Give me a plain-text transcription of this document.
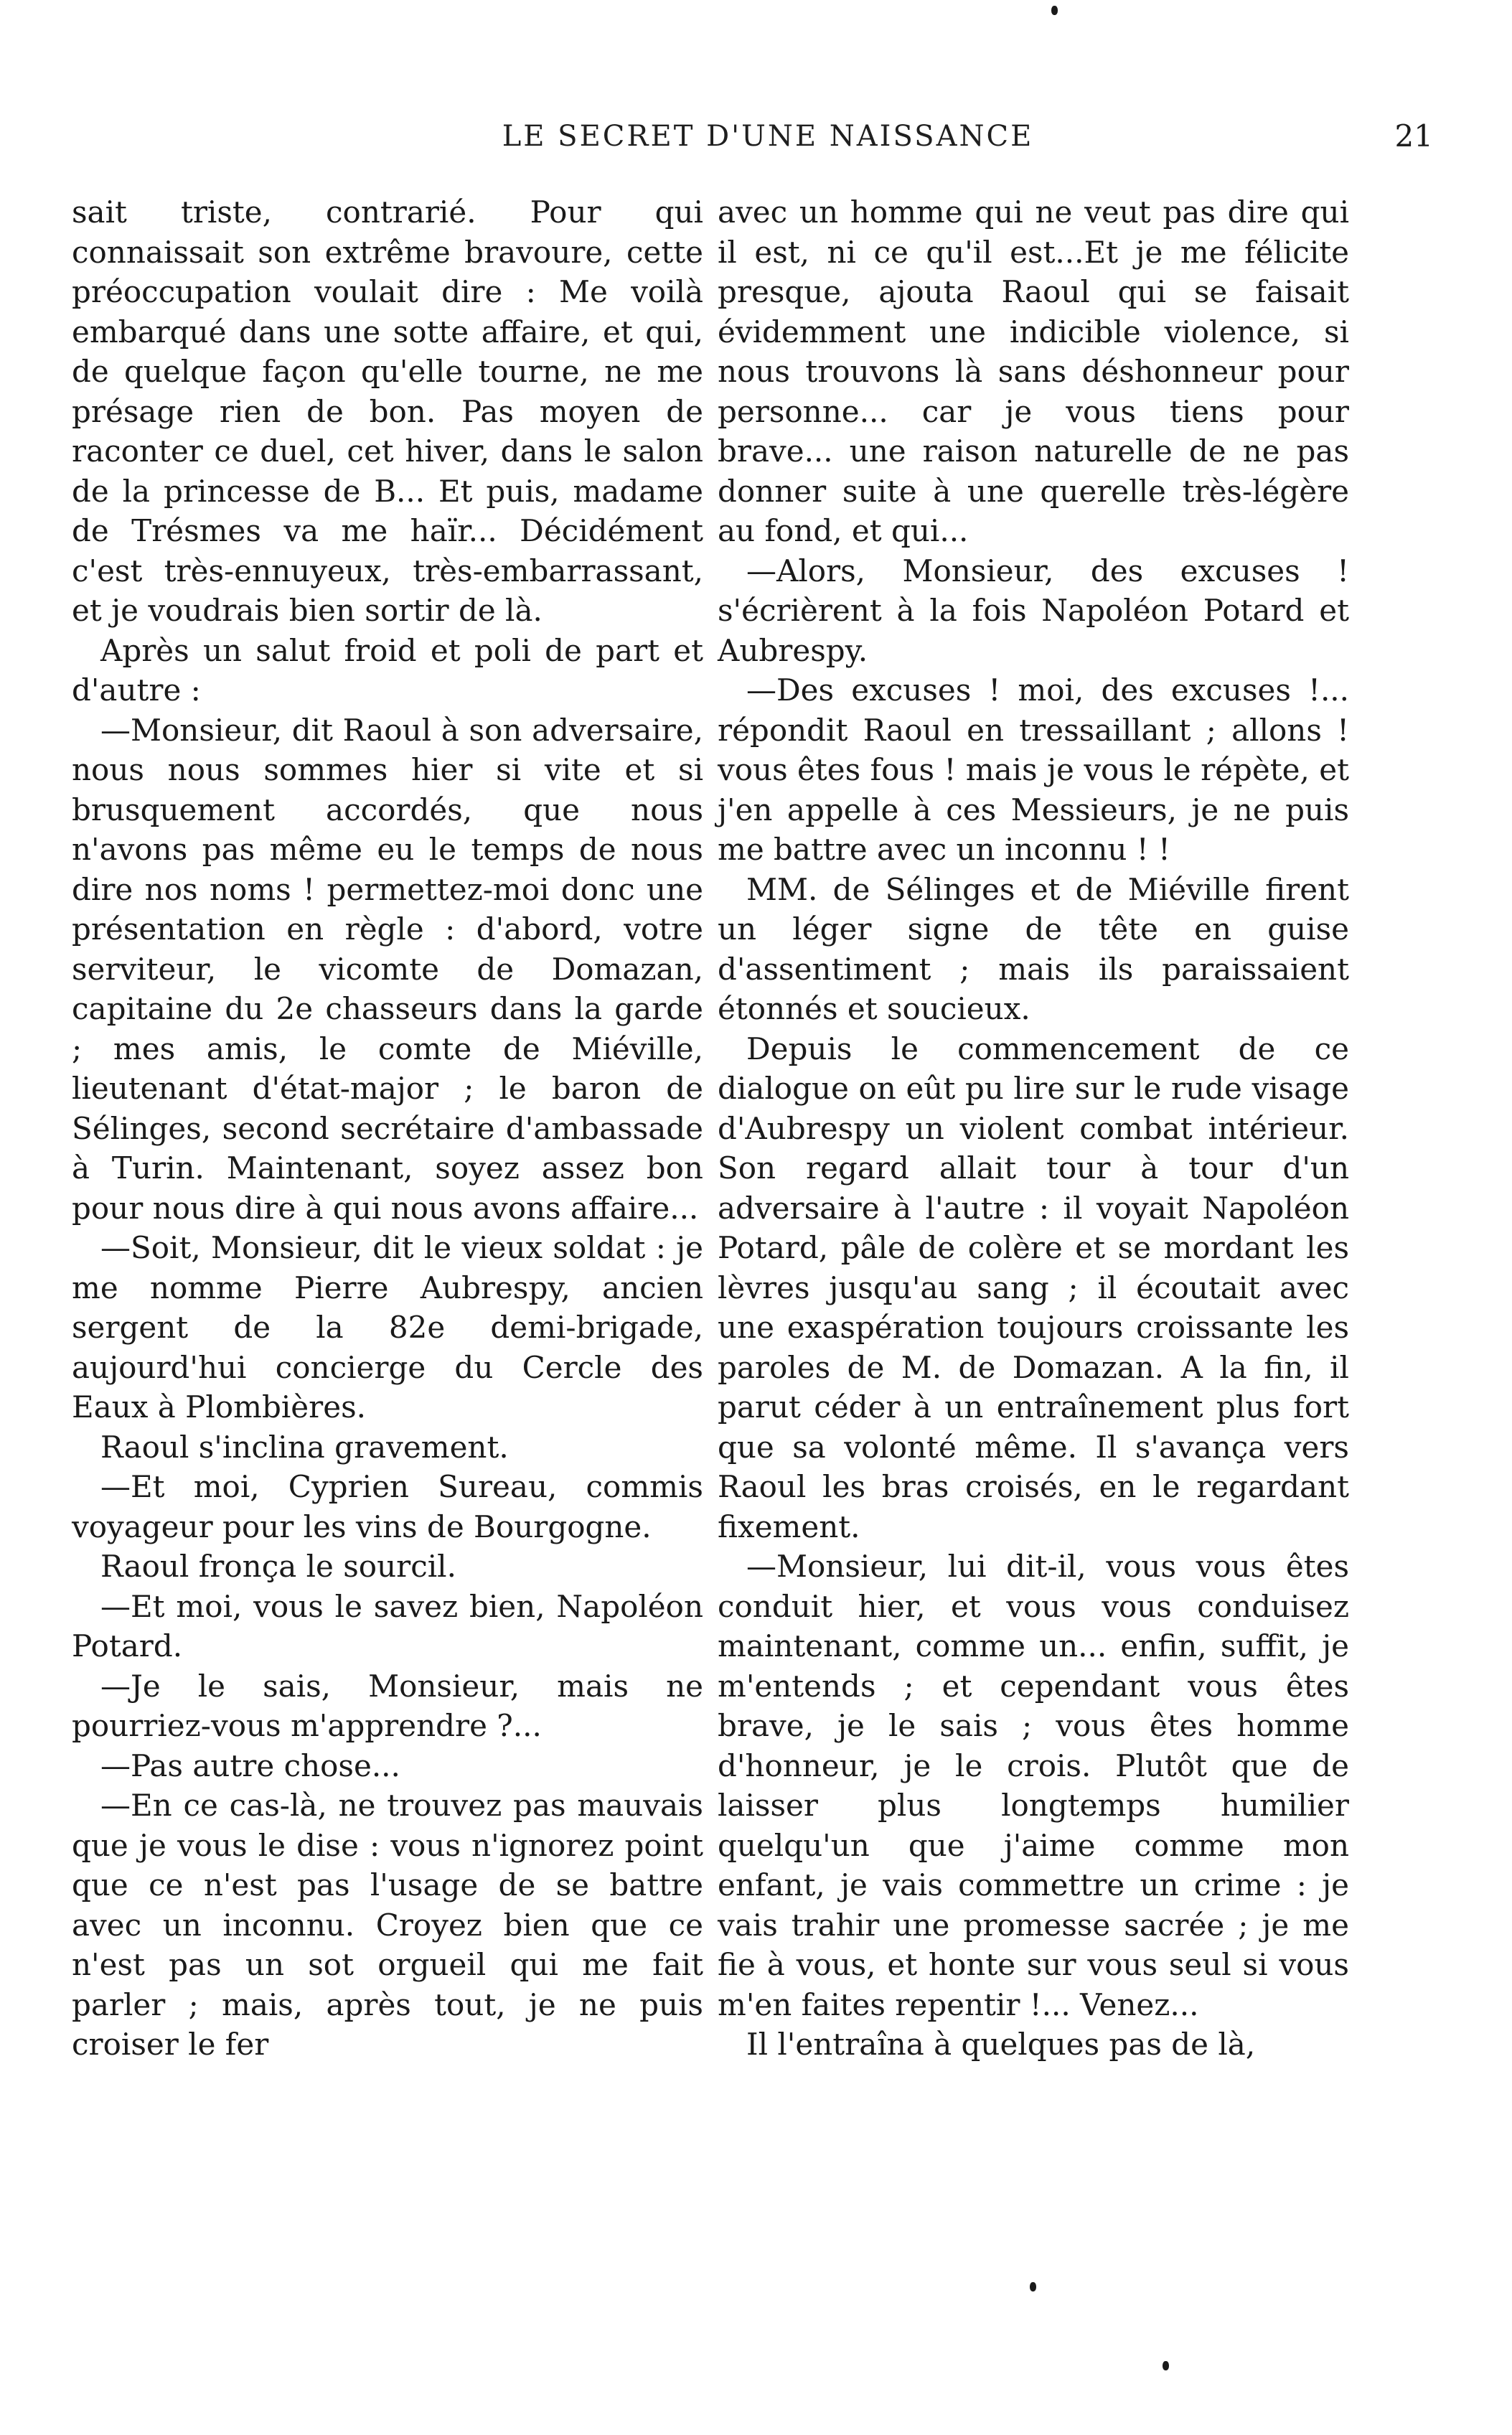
LE SECRET D'UNE NAISSANCE	21

sait triste, contrarié. Pour qui connaissait son extrême bravoure, cette préoccupation voulait dire : Me voilà embarqué dans une sotte affaire, et qui, de quelque façon qu'elle tourne, ne me présage rien de bon. Pas moyen de raconter ce duel, cet hiver, dans le salon de la princesse de B... Et puis, madame de Trésmes va me haïr... Décidément c'est très-ennuyeux, très-embarrassant, et je voudrais bien sortir de là.

Après un salut froid et poli de part et d'autre :

—Monsieur, dit Raoul à son adversaire, nous nous sommes hier si vite et si brusquement accordés, que nous n'avons pas même eu le temps de nous dire nos noms ! permettez-moi donc une présentation en règle : d'abord, votre serviteur, le vicomte de Domazan, capitaine du 2e chasseurs dans la garde ; mes amis, le comte de Miéville, lieutenant d'état-major ; le baron de Sélinges, second secrétaire d'ambassade à Turin. Maintenant, soyez assez bon pour nous dire à qui nous avons affaire...

—Soit, Monsieur, dit le vieux soldat : je me nomme Pierre Aubrespy, ancien sergent de la 82e demi-brigade, aujourd'hui concierge du Cercle des Eaux à Plombières.

Raoul s'inclina gravement.

—Et moi, Cyprien Sureau, commis voyageur pour les vins de Bourgogne.

Raoul fronça le sourcil.

—Et moi, vous le savez bien, Napoléon Potard.

—Je le sais, Monsieur, mais ne pourriez-vous m'apprendre ?...

—Pas autre chose...

—En ce cas-là, ne trouvez pas mauvais que je vous le dise : vous n'ignorez point que ce n'est pas l'usage de se battre avec un inconnu. Croyez bien que ce n'est pas un sot orgueil qui me fait parler ; mais, après tout, je ne puis croiser le fer

avec un homme qui ne veut pas dire qui il est, ni ce qu'il est...Et je me félicite presque, ajouta Raoul qui se faisait évidemment une indicible violence, si nous trouvons là sans déshonneur pour personne... car je vous tiens pour brave... une raison naturelle de ne pas donner suite à une querelle très-légère au fond, et qui...

—Alors, Monsieur, des excuses ! s'écrièrent à la fois Napoléon Potard et Aubrespy.

—Des excuses ! moi, des excuses !... répondit Raoul en tressaillant ; allons ! vous êtes fous ! mais je vous le répète, et j'en appelle à ces Messieurs, je ne puis me battre avec un inconnu ! !

MM. de Sélinges et de Miéville firent un léger signe de tête en guise d'assentiment ; mais ils paraissaient étonnés et soucieux.

Depuis le commencement de ce dialogue on eût pu lire sur le rude visage d'Aubrespy un violent combat intérieur. Son regard allait tour à tour d'un adversaire à l'autre : il voyait Napoléon Potard, pâle de colère et se mordant les lèvres jusqu'au sang ; il écoutait avec une exaspération toujours croissante les paroles de M. de Domazan. A la fin, il parut céder à un entraînement plus fort que sa volonté même. Il s'avança vers Raoul les bras croisés, en le regardant fixement.

—Monsieur, lui dit-il, vous vous êtes conduit hier, et vous vous conduisez maintenant, comme un... enfin, suffit, je m'entends ; et cependant vous êtes brave, je le sais ; vous êtes homme d'honneur, je le crois. Plutôt que de laisser plus longtemps humilier quelqu'un que j'aime comme mon enfant, je vais commettre un crime : je vais trahir une promesse sacrée ; je me fie à vous, et honte sur vous seul si vous m'en faites repentir !... Venez...

Il l'entraîna à quelques pas de là,
